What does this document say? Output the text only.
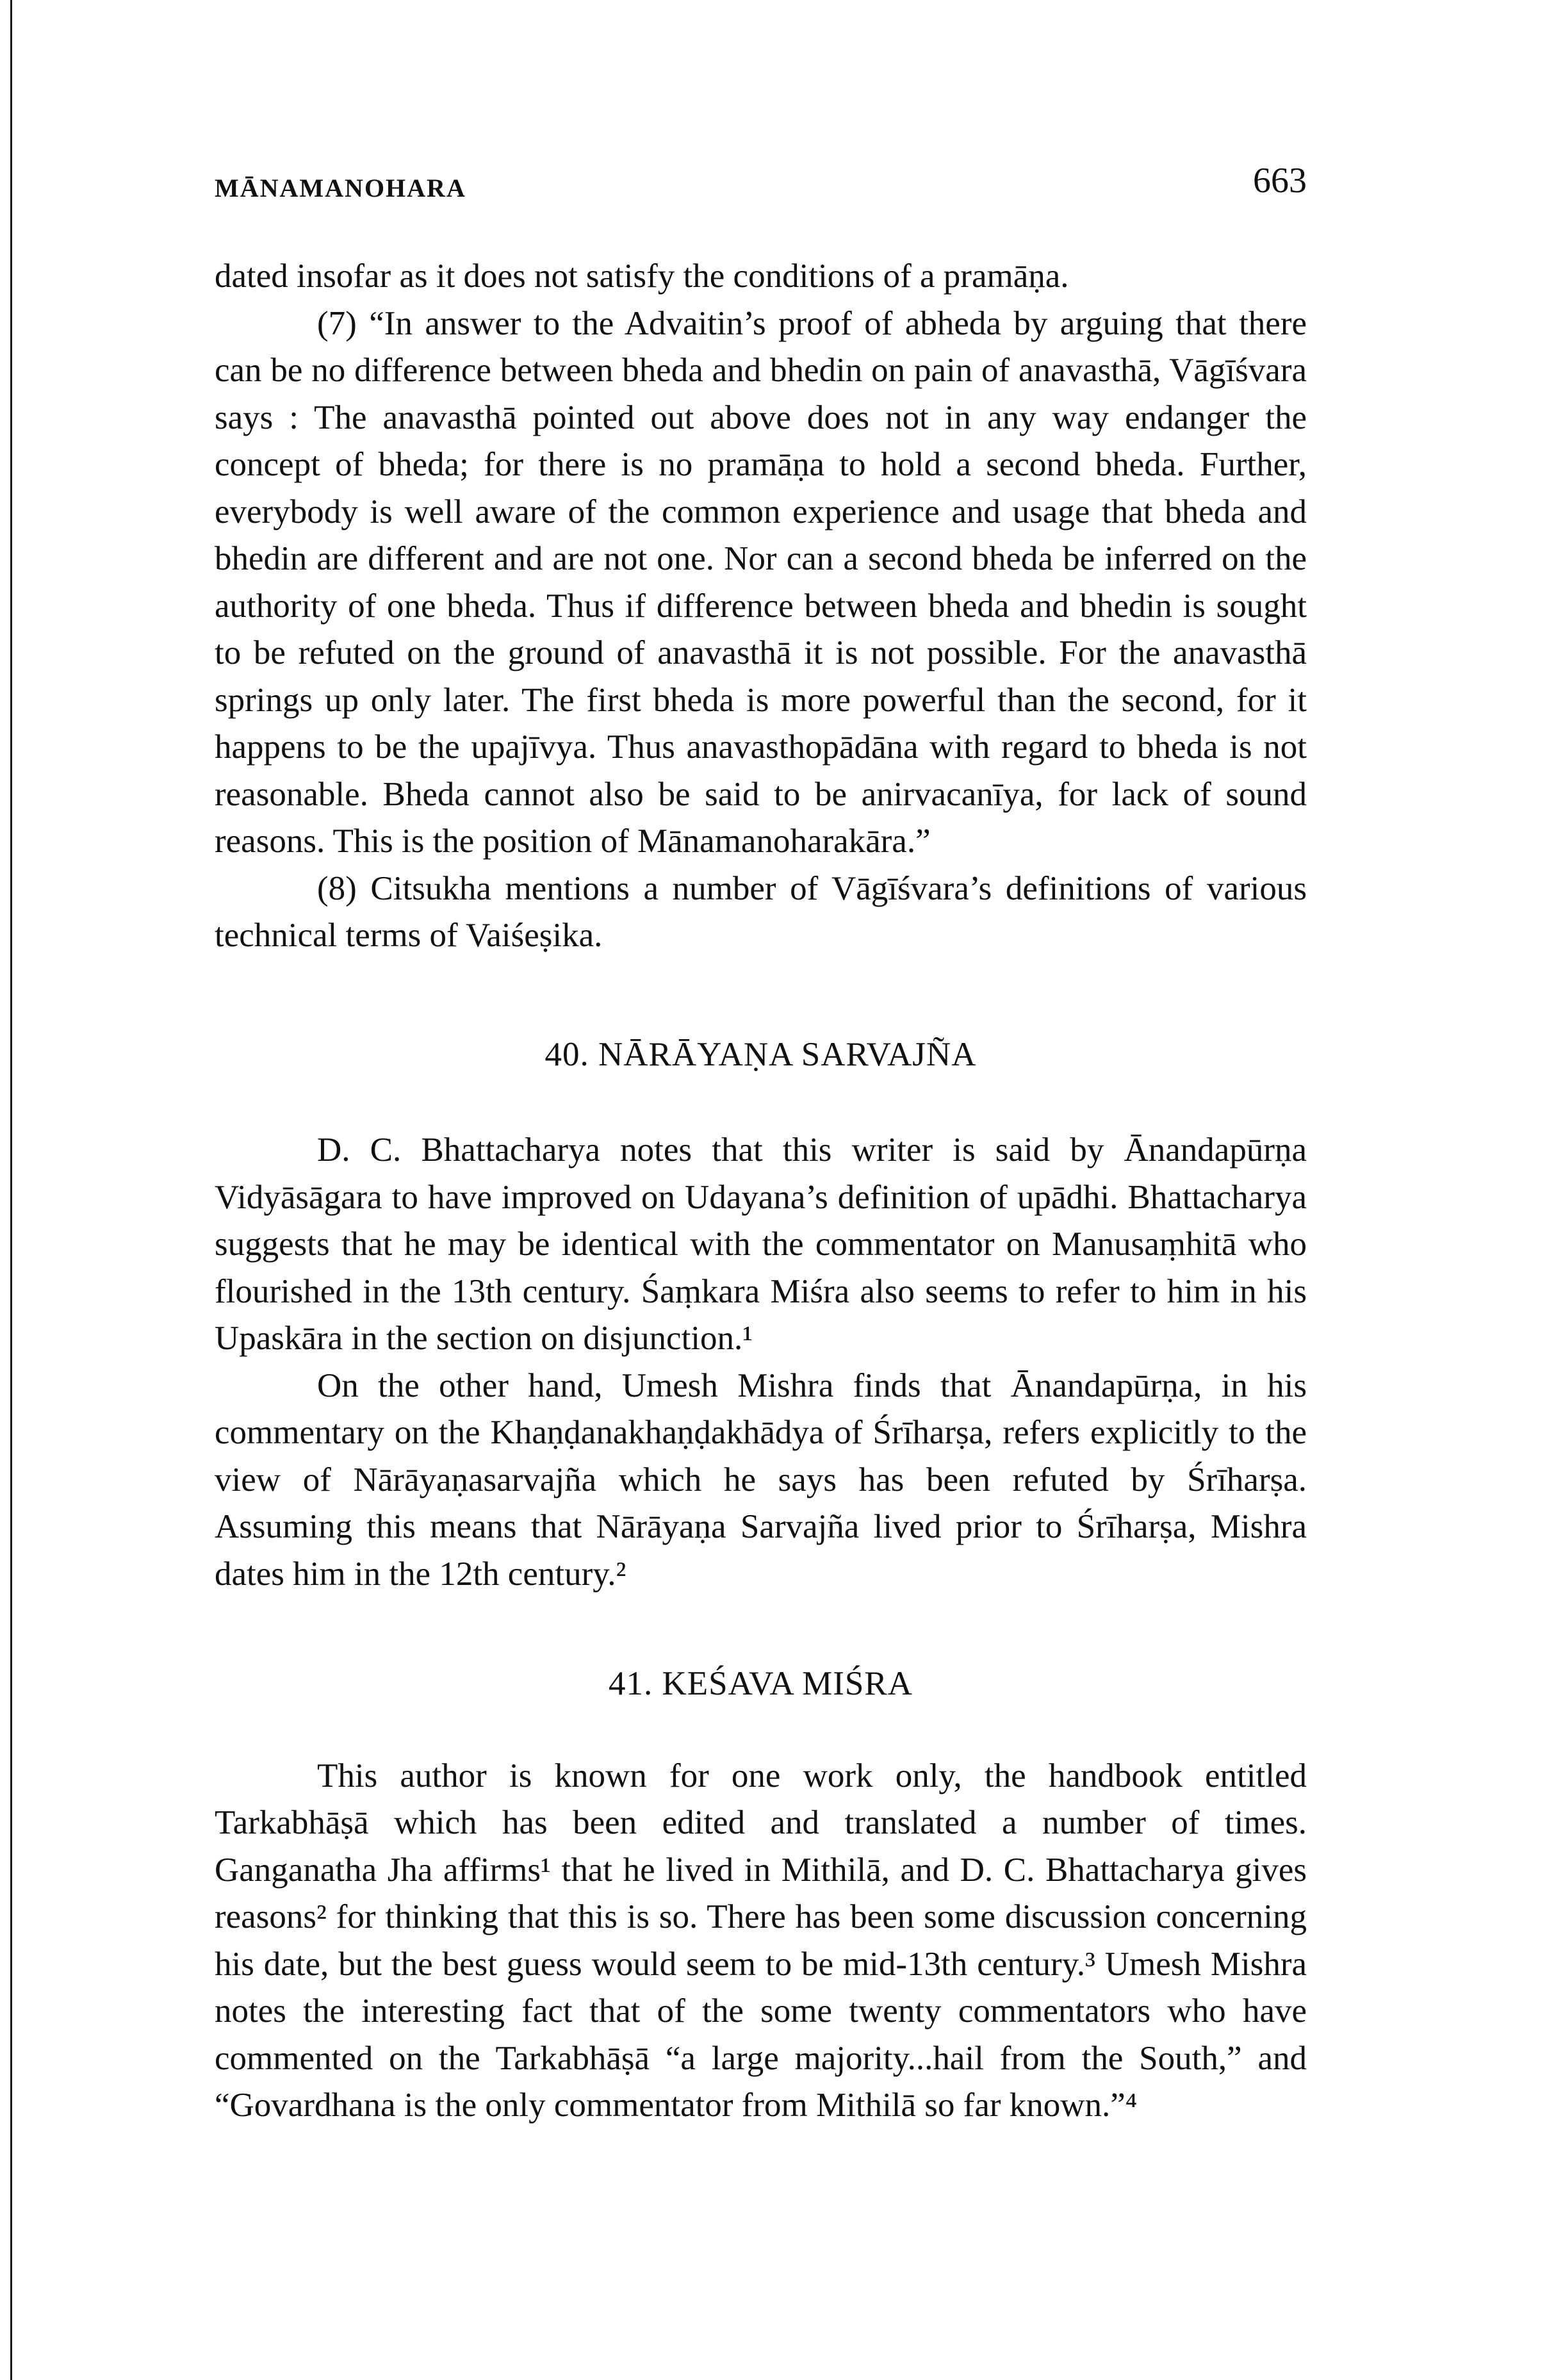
MĀNAMANOHARA	663

dated insofar as it does not satisfy the conditions of a pramāṇa.

(7) “In answer to the Advaitin’s proof of abheda by arguing that there can be no difference between bheda and bhedin on pain of anavasthā, Vāgīśvara says : The anavasthā pointed out above does not in any way endanger the concept of bheda; for there is no pramāṇa to hold a second bheda. Further, everybody is well aware of the common experience and usage that bheda and bhedin are different and are not one. Nor can a second bheda be inferred on the authority of one bheda. Thus if difference between bheda and bhedin is sought to be refuted on the ground of anavasthā it is not possible. For the anavasthā springs up only later. The first bheda is more powerful than the second, for it happens to be the upajīvya. Thus anavasthopādāna with regard to bheda is not reasonable. Bheda cannot also be said to be anirvacanīya, for lack of sound reasons. This is the position of Mānamanoharakāra.”

(8) Citsukha mentions a number of Vāgīśvara’s definitions of various technical terms of Vaiśeṣika.

40. NĀRĀYAṆA SARVAJÑA

D. C. Bhattacharya notes that this writer is said by Ānandapūrṇa Vidyāsāgara to have improved on Udayana’s definition of upādhi. Bhattacharya suggests that he may be identical with the commentator on Manusaṃhitā who flourished in the 13th century. Śaṃkara Miśra also seems to refer to him in his Upaskāra in the section on disjunction.¹

On the other hand, Umesh Mishra finds that Ānandapūrṇa, in his commentary on the Khaṇḍanakhaṇḍakhādya of Śrīharṣa, refers explicitly to the view of Nārāyaṇasarvajña which he says has been refuted by Śrīharṣa. Assuming this means that Nārāyaṇa Sarvajña lived prior to Śrīharṣa, Mishra dates him in the 12th century.²

41. KEŚAVA MIŚRA

This author is known for one work only, the handbook entitled Tarkabhāṣā which has been edited and translated a number of times. Ganganatha Jha affirms¹ that he lived in Mithilā, and D. C. Bhattacharya gives reasons² for thinking that this is so. There has been some discussion concerning his date, but the best guess would seem to be mid-13th century.³ Umesh Mishra notes the interesting fact that of the some twenty commentators who have commented on the Tarkabhāṣā “a large majority...hail from the South,” and “Govardhana is the only commentator from Mithilā so far known.”⁴
